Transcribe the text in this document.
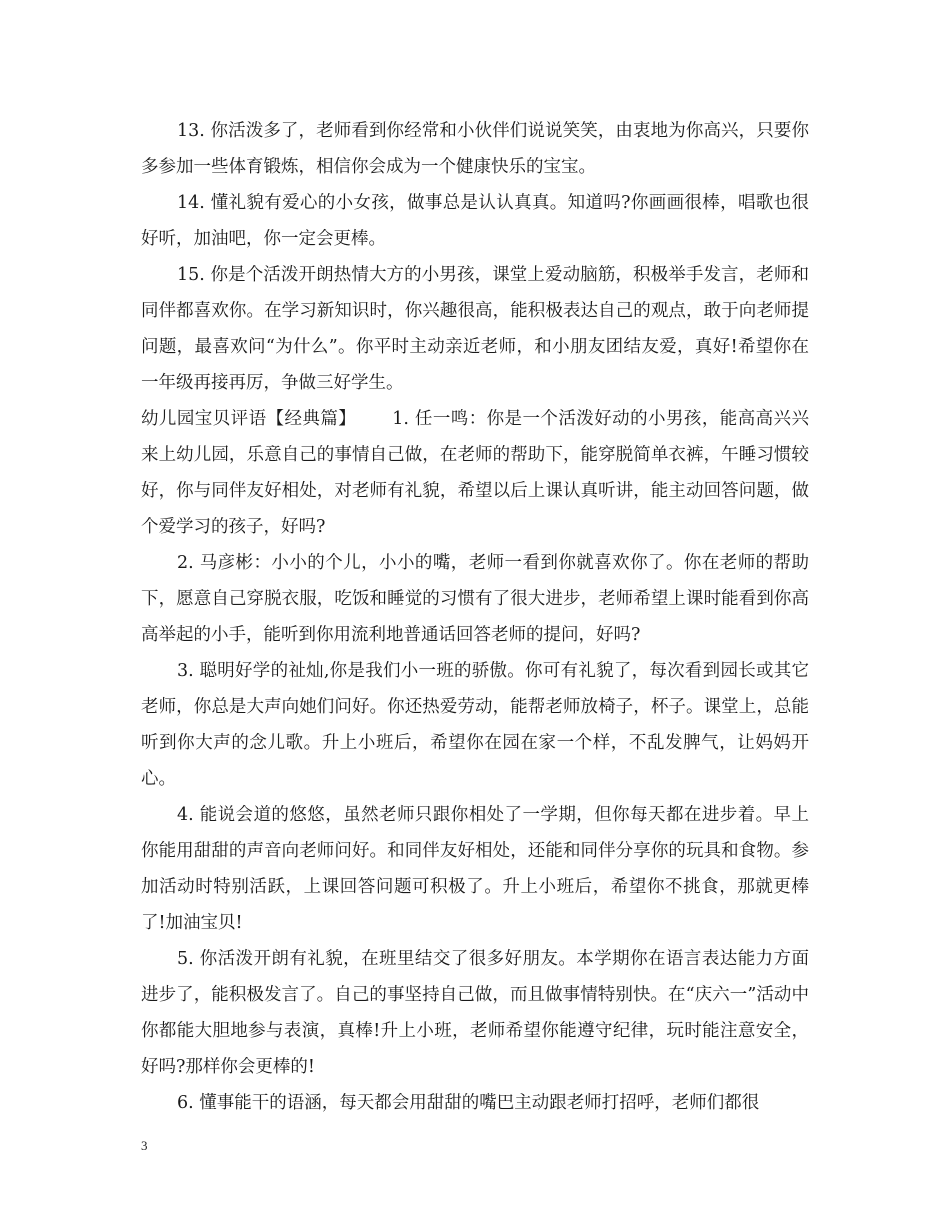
13. 你活泼多了，老师看到你经常和小伙伴们说说笑笑，由衷地为你高兴，只要你多参加一些体育锻炼，相信你会成为一个健康快乐的宝宝。

14. 懂礼貌有爱心的小女孩，做事总是认认真真。知道吗?你画画很棒，唱歌也很好听，加油吧，你一定会更棒。

15. 你是个活泼开朗热情大方的小男孩，课堂上爱动脑筋，积极举手发言，老师和同伴都喜欢你。在学习新知识时，你兴趣很高，能积极表达自己的观点，敢于向老师提问题，最喜欢问“为什么”。你平时主动亲近老师，和小朋友团结友爱，真好!希望你在一年级再接再厉，争做三好学生。

幼儿园宝贝评语【经典篇】 1. 任一鸣：你是一个活泼好动的小男孩，能高高兴兴来上幼儿园，乐意自己的事情自己做，在老师的帮助下，能穿脱简单衣裤，午睡习惯较好，你与同伴友好相处，对老师有礼貌，希望以后上课认真听讲，能主动回答问题，做个爱学习的孩子，好吗?

2. 马彦彬：小小的个儿，小小的嘴，老师一看到你就喜欢你了。你在老师的帮助下，愿意自己穿脱衣服，吃饭和睡觉的习惯有了很大进步，老师希望上课时能看到你高高举起的小手，能听到你用流利地普通话回答老师的提问，好吗?

3. 聪明好学的祉灿,你是我们小一班的骄傲。你可有礼貌了，每次看到园长或其它老师，你总是大声向她们问好。你还热爱劳动，能帮老师放椅子，杯子。课堂上，总能听到你大声的念儿歌。升上小班后，希望你在园在家一个样，不乱发脾气，让妈妈开心。

4. 能说会道的悠悠，虽然老师只跟你相处了一学期，但你每天都在进步着。早上你能用甜甜的声音向老师问好。和同伴友好相处，还能和同伴分享你的玩具和食物。参加活动时特别活跃，上课回答问题可积极了。升上小班后，希望你不挑食，那就更棒了!加油宝贝!

5. 你活泼开朗有礼貌，在班里结交了很多好朋友。本学期你在语言表达能力方面进步了，能积极发言了。自己的事坚持自己做，而且做事情特别快。在“庆六一”活动中你都能大胆地参与表演，真棒!升上小班，老师希望你能遵守纪律，玩时能注意安全，好吗?那样你会更棒的!

6. 懂事能干的语涵，每天都会用甜甜的嘴巴主动跟老师打招呼，老师们都很

3
